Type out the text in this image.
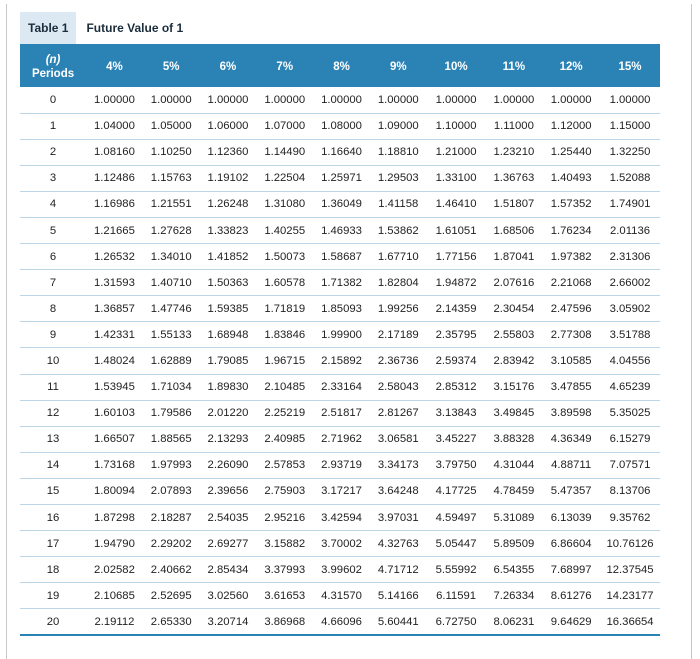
Table 1	Future Value of 1
(n)
Periods	4%	5%	6%	7%	8%	9%	10%	11%	12%	15%
0	1.00000	1.00000	1.00000	1.00000	1.00000	1.00000	1.00000	1.00000	1.00000	1.00000
1	1.04000	1.05000	1.06000	1.07000	1.08000	1.09000	1.10000	1.11000	1.12000	1.15000
2	1.08160	1.10250	1.12360	1.14490	1.16640	1.18810	1.21000	1.23210	1.25440	1.32250
3	1.12486	1.15763	1.19102	1.22504	1.25971	1.29503	1.33100	1.36763	1.40493	1.52088
4	1.16986	1.21551	1.26248	1.31080	1.36049	1.41158	1.46410	1.51807	1.57352	1.74901
5	1.21665	1.27628	1.33823	1.40255	1.46933	1.53862	1.61051	1.68506	1.76234	2.01136
6	1.26532	1.34010	1.41852	1.50073	1.58687	1.67710	1.77156	1.87041	1.97382	2.31306
7	1.31593	1.40710	1.50363	1.60578	1.71382	1.82804	1.94872	2.07616	2.21068	2.66002
8	1.36857	1.47746	1.59385	1.71819	1.85093	1.99256	2.14359	2.30454	2.47596	3.05902
9	1.42331	1.55133	1.68948	1.83846	1.99900	2.17189	2.35795	2.55803	2.77308	3.51788
10	1.48024	1.62889	1.79085	1.96715	2.15892	2.36736	2.59374	2.83942	3.10585	4.04556
11	1.53945	1.71034	1.89830	2.10485	2.33164	2.58043	2.85312	3.15176	3.47855	4.65239
12	1.60103	1.79586	2.01220	2.25219	2.51817	2.81267	3.13843	3.49845	3.89598	5.35025
13	1.66507	1.88565	2.13293	2.40985	2.71962	3.06581	3.45227	3.88328	4.36349	6.15279
14	1.73168	1.97993	2.26090	2.57853	2.93719	3.34173	3.79750	4.31044	4.88711	7.07571
15	1.80094	2.07893	2.39656	2.75903	3.17217	3.64248	4.17725	4.78459	5.47357	8.13706
16	1.87298	2.18287	2.54035	2.95216	3.42594	3.97031	4.59497	5.31089	6.13039	9.35762
17	1.94790	2.29202	2.69277	3.15882	3.70002	4.32763	5.05447	5.89509	6.86604	10.76126
18	2.02582	2.40662	2.85434	3.37993	3.99602	4.71712	5.55992	6.54355	7.68997	12.37545
19	2.10685	2.52695	3.02560	3.61653	4.31570	5.14166	6.11591	7.26334	8.61276	14.23177
20	2.19112	2.65330	3.20714	3.86968	4.66096	5.60441	6.72750	8.06231	9.64629	16.36654
